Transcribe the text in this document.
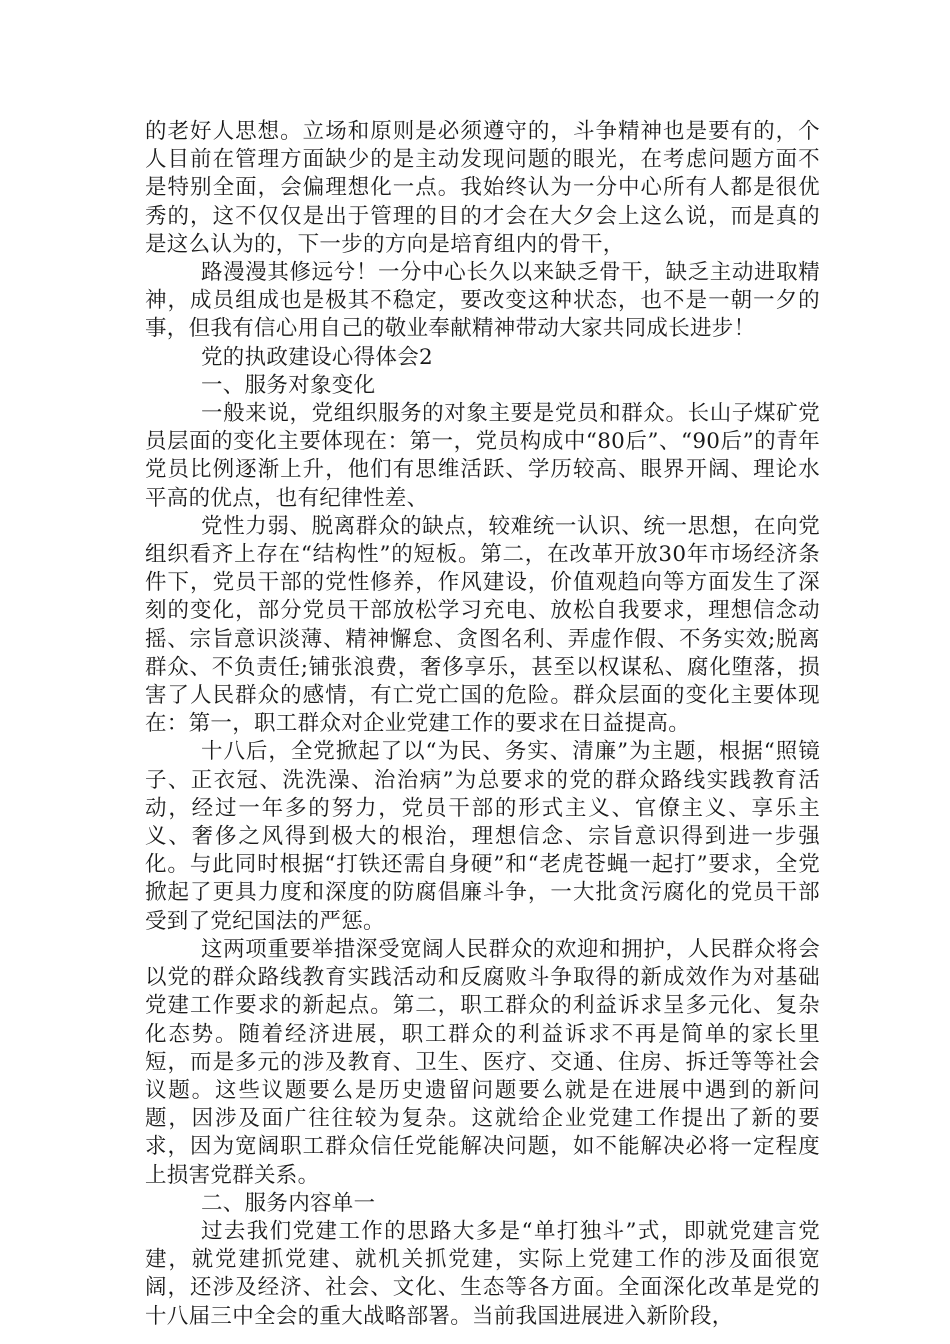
的老好人思想。立场和原则是必须遵守的，斗争精神也是要有的，个人目前在管理方面缺少的是主动发现问题的眼光，在考虑问题方面不是特别全面，会偏理想化一点。我始终认为一分中心所有人都是很优秀的，这不仅仅是出于管理的目的才会在大夕会上这么说，而是真的是这么认为的，下一步的方向是培育组内的骨干，

路漫漫其修远兮！一分中心长久以来缺乏骨干，缺乏主动进取精神，成员组成也是极其不稳定，要改变这种状态，也不是一朝一夕的事，但我有信心用自己的敬业奉献精神带动大家共同成长进步！

党的执政建设心得体会2

一、服务对象变化

一般来说，党组织服务的对象主要是党员和群众。长山子煤矿党员层面的变化主要体现在：第一，党员构成中“80后”、“90后”的青年党员比例逐渐上升，他们有思维活跃、学历较高、眼界开阔、理论水平高的优点，也有纪律性差、

党性力弱、脱离群众的缺点，较难统一认识、统一思想，在向党组织看齐上存在“结构性”的短板。第二，在改革开放30年市场经济条件下，党员干部的党性修养，作风建设，价值观趋向等方面发生了深刻的变化，部分党员干部放松学习充电、放松自我要求，理想信念动摇、宗旨意识淡薄、精神懈怠、贪图名利、弄虚作假、不务实效;脱离群众、不负责任;铺张浪费，奢侈享乐，甚至以权谋私、腐化堕落，损害了人民群众的感情，有亡党亡国的危险。群众层面的变化主要体现在：第一，职工群众对企业党建工作的要求在日益提高。

十八后，全党掀起了以“为民、务实、清廉”为主题，根据“照镜子、正衣冠、洗洗澡、治治病”为总要求的党的群众路线实践教育活动，经过一年多的努力，党员干部的形式主义、官僚主义、享乐主义、奢侈之风得到极大的根治，理想信念、宗旨意识得到进一步强化。与此同时根据“打铁还需自身硬”和“老虎苍蝇一起打”要求，全党掀起了更具力度和深度的防腐倡廉斗争，一大批贪污腐化的党员干部受到了党纪国法的严惩。

这两项重要举措深受宽阔人民群众的欢迎和拥护，人民群众将会以党的群众路线教育实践活动和反腐败斗争取得的新成效作为对基础党建工作要求的新起点。第二，职工群众的利益诉求呈多元化、复杂化态势。随着经济进展，职工群众的利益诉求不再是简单的家长里短，而是多元的涉及教育、卫生、医疗、交通、住房、拆迁等等社会议题。这些议题要么是历史遗留问题要么就是在进展中遇到的新问题，因涉及面广往往较为复杂。这就给企业党建工作提出了新的要求，因为宽阔职工群众信任党能解决问题，如不能解决必将一定程度上损害党群关系。

二、服务内容单一

过去我们党建工作的思路大多是“单打独斗”式，即就党建言党建，就党建抓党建、就机关抓党建，实际上党建工作的涉及面很宽阔，还涉及经济、社会、文化、生态等各方面。全面深化改革是党的十八届三中全会的重大战略部署。当前我国进展进入新阶段，
